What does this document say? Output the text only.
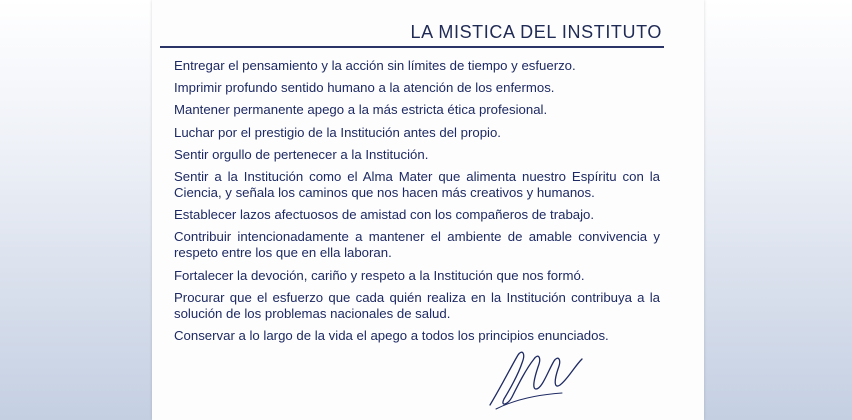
LA MISTICA DEL INSTITUTO

Entregar el pensamiento y la acción sin límites de tiempo y esfuerzo.

Imprimir profundo sentido humano a la atención de los enfermos.

Mantener permanente apego a la más estricta ética profesional.

Luchar por el prestigio de la Institución antes del propio.

Sentir orgullo de pertenecer a la Institución.

Sentir a la Institución como el Alma Mater que alimenta nuestro Espíritu con la Ciencia, y señala los caminos que nos hacen más creativos y humanos.

Establecer lazos afectuosos de amistad con los compañeros de trabajo.

Contribuir intencionadamente a mantener el ambiente de amable convivencia y respeto entre los que en ella laboran.

Fortalecer la devoción, cariño y respeto a la Institución que nos formó.

Procurar que el esfuerzo que cada quién realiza en la Institución contribuya a la solución de los problemas nacionales de salud.

Conservar a lo largo de la vida el apego a todos los principios enunciados.
